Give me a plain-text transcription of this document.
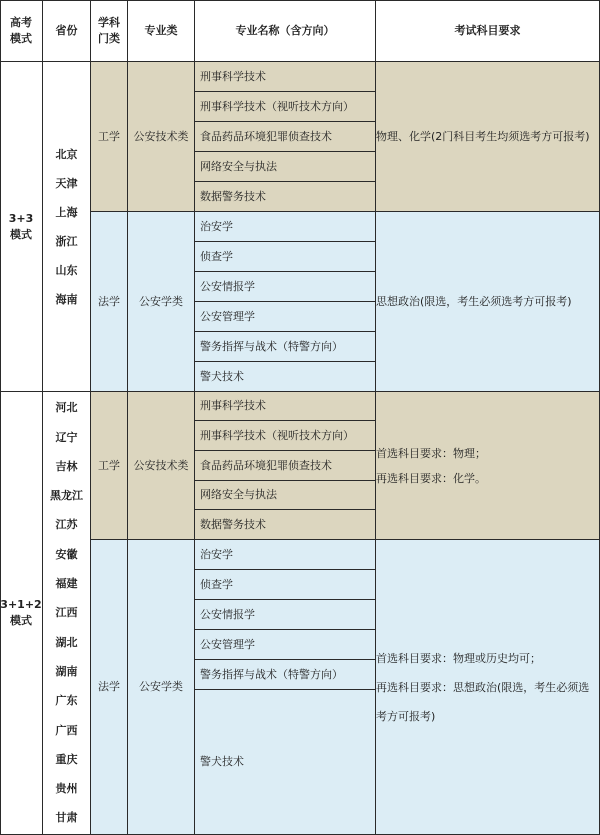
高考
模式
省份
学科
门类
专业类	专业名称（含方向）	考试科目要求
3+3
模式
北京
天津
上海
浙江
山东
海南
工学 公安技术类
刑事科学技术
刑事科学技术（视听技术方向）
食品药品环境犯罪侦查技术
网络安全与执法
数据警务技术
物理、化学(2门科目考生均须选考方可报考)
法学 公安学类
治安学
侦查学
公安情报学
公安管理学
警务指挥与战术（特警方向）
警犬技术
思想政治(限选，考生必须选考方可报考)
3+1+2
模式
河北
辽宁
吉林
黑龙江
江苏
安徽
福建
江西
湖北
湖南
广东
广西
重庆
贵州
甘肃
工学 公安技术类
刑事科学技术
刑事科学技术（视听技术方向）
食品药品环境犯罪侦查技术
网络安全与执法
数据警务技术
首选科目要求：物理；
再选科目要求：化学。
法学 公安学类
治安学
侦查学
公安情报学
公安管理学
警务指挥与战术（特警方向）
警犬技术
首选科目要求：物理或历史均可；
再选科目要求：思想政治(限选，考生必须选
考方可报考)
